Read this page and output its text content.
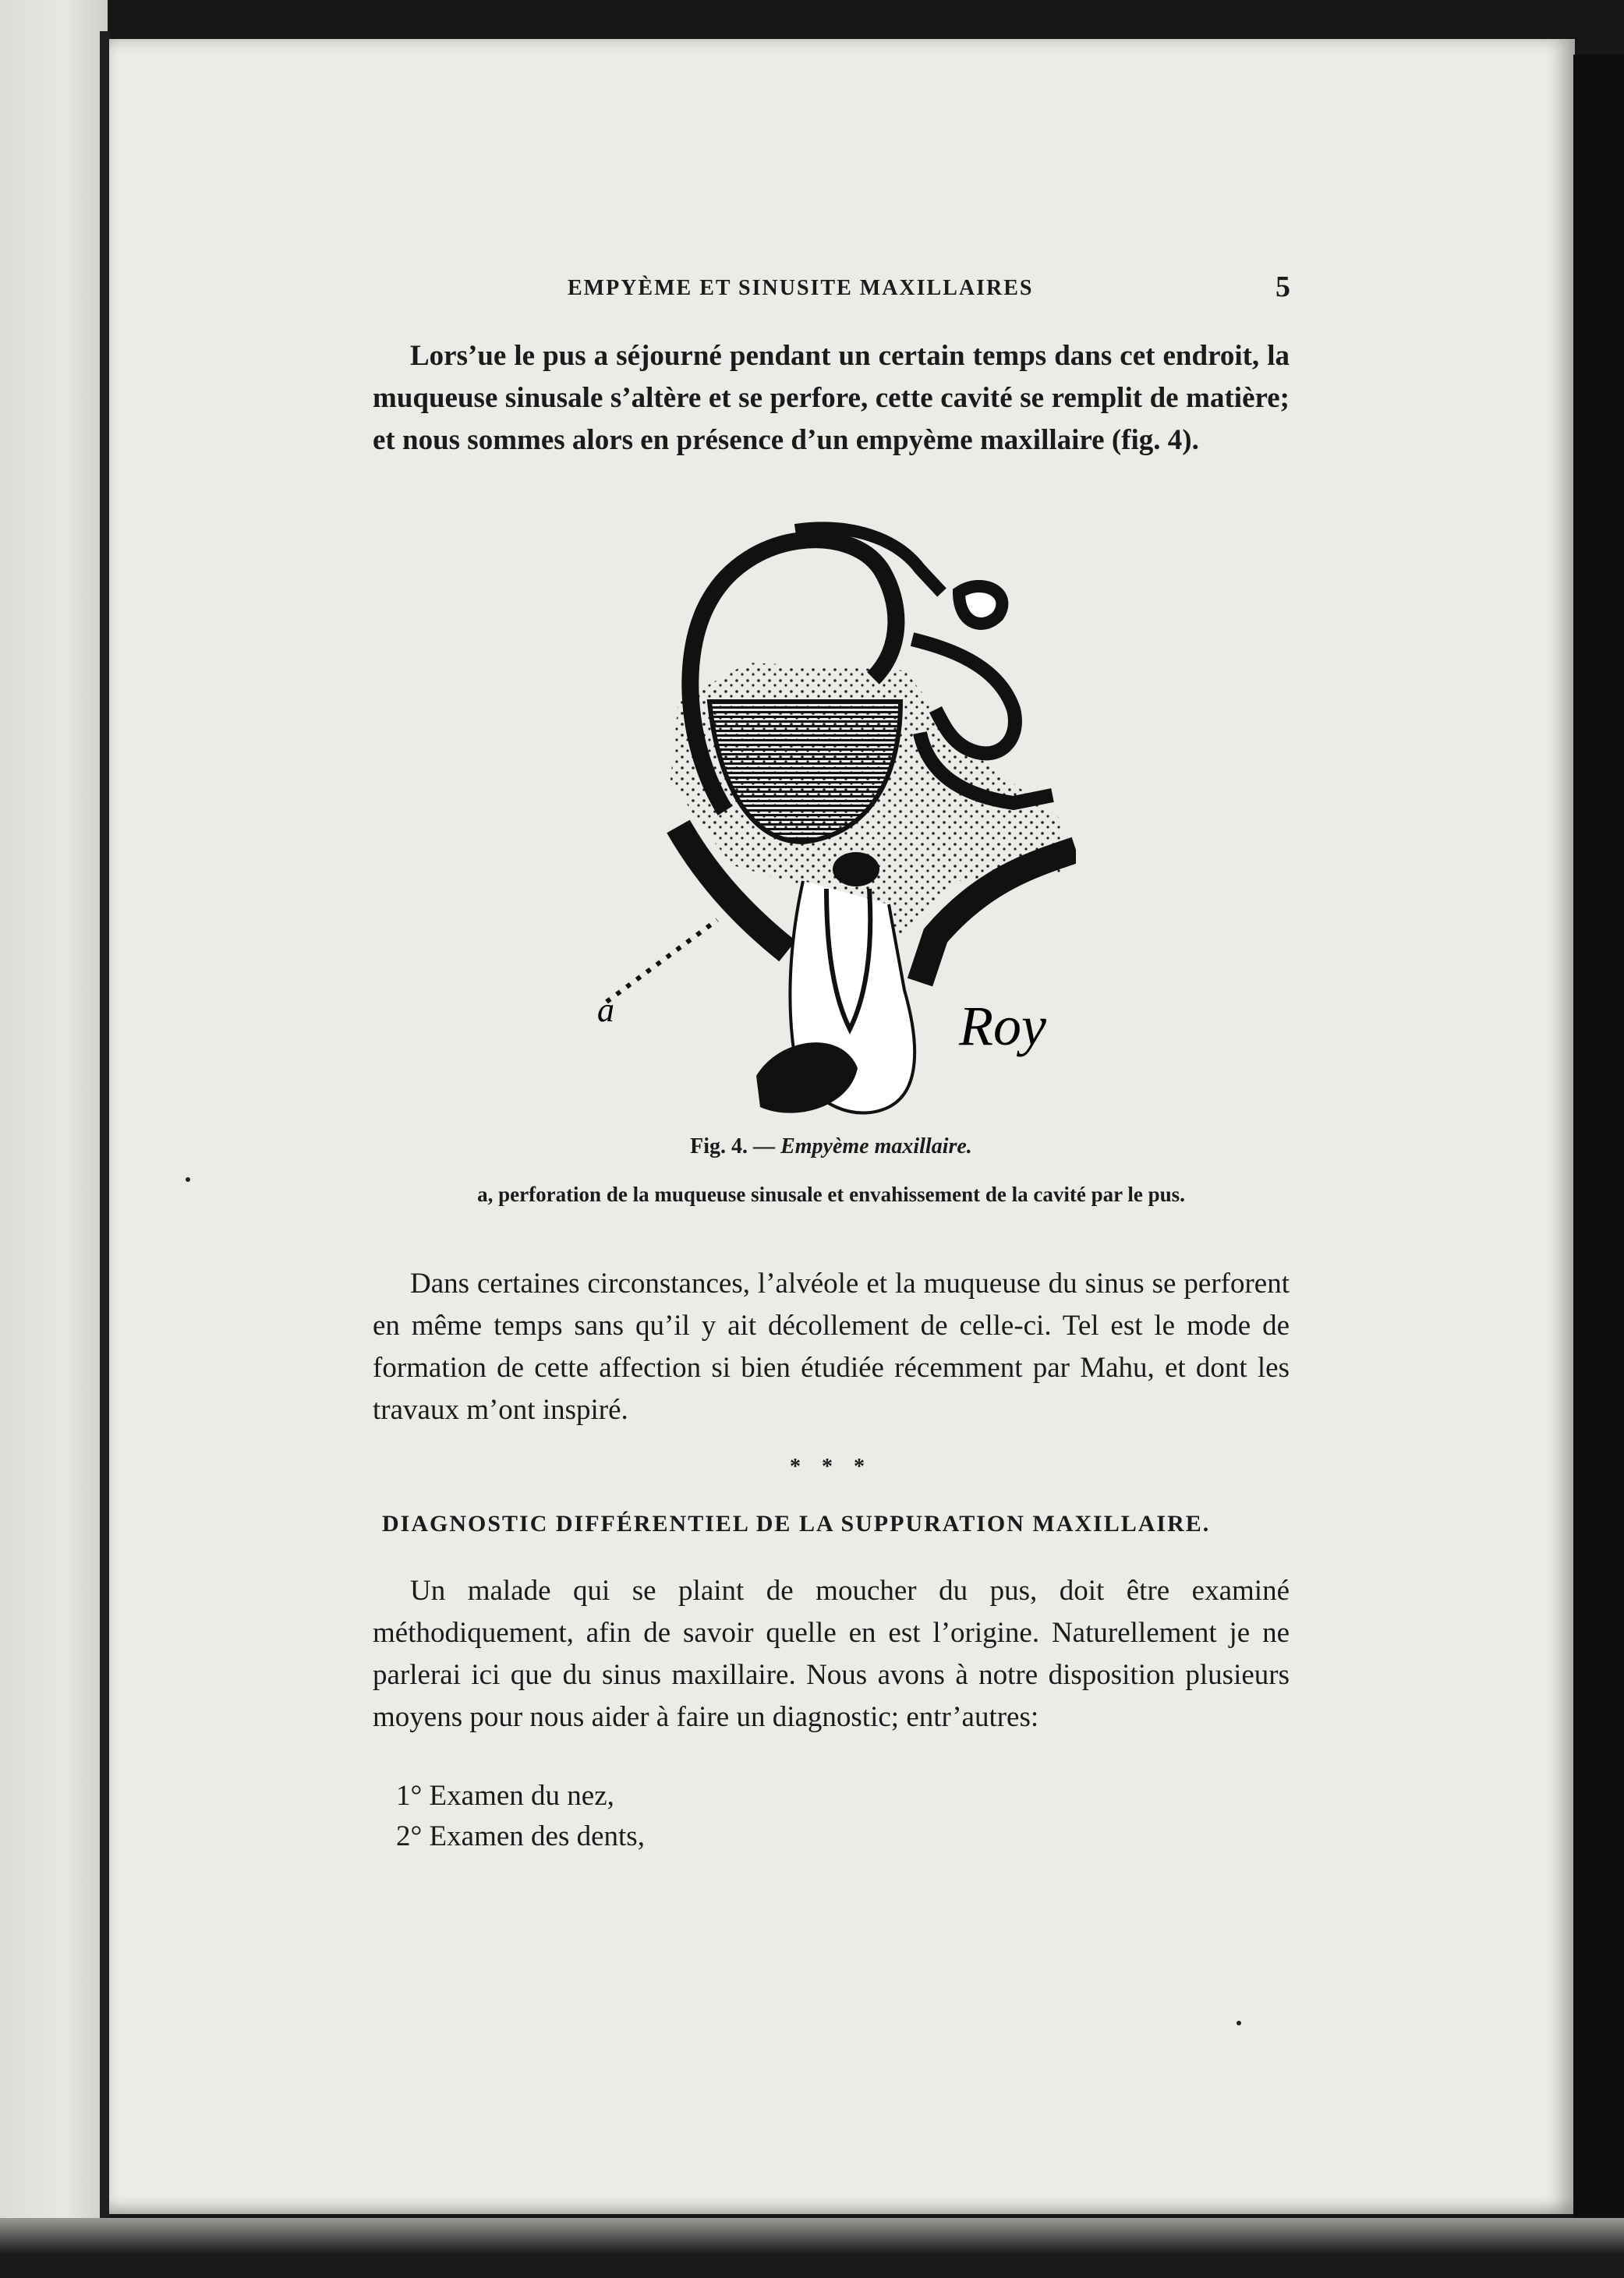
EMPYÈME ET SINUSITE MAXILLAIRES	5

Lors’ue le pus a séjourné pendant un certain temps dans cet endroit, la muqueuse sinusale s’altère et se perfore, cette cavité se remplit de matière; et nous sommes alors en présence d’un empyème maxillaire (fig. 4).

a	Roy

Fig. 4. — Empyème maxillaire.

a, perforation de la muqueuse sinusale et envahissement de la cavité par le pus.

Dans certaines circonstances, l’alvéole et la muqueuse du sinus se perforent en même temps sans qu’il y ait décollement de celle-ci. Tel est le mode de formation de cette affection si bien étudiée récemment par Mahu, et dont les travaux m’ont inspiré.

* * *

DIAGNOSTIC DIFFÉRENTIEL DE LA SUPPURATION MAXILLAIRE.

Un malade qui se plaint de moucher du pus, doit être examiné méthodiquement, afin de savoir quelle en est l’origine. Naturellement je ne parlerai ici que du sinus maxillaire. Nous avons à notre disposition plusieurs moyens pour nous aider à faire un diagnostic; entr’autres:

1° Examen du nez,

2° Examen des dents,
